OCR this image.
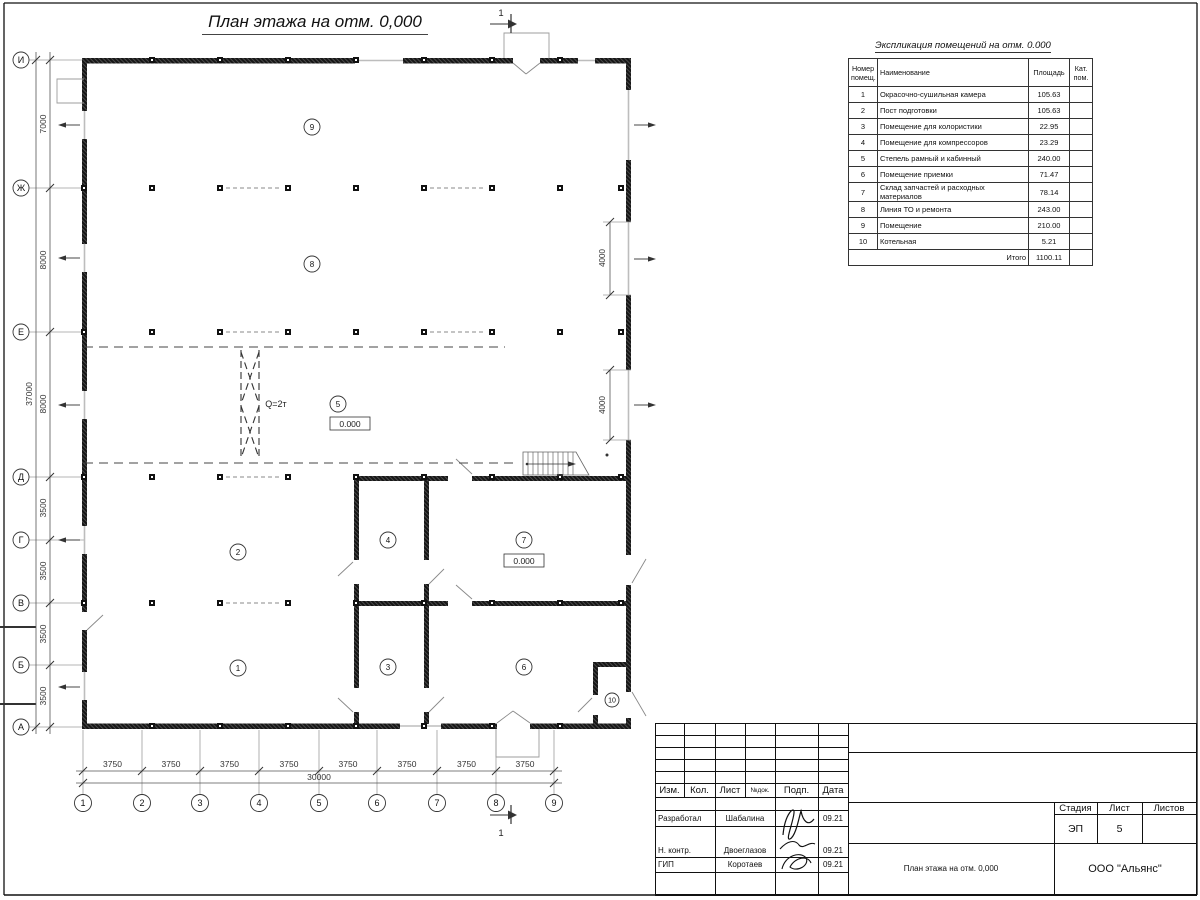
7000
8000
8000
3500
3500
3500
3500
3750	3750	3750	3750	3750	3750	3750	3750
И
Ж
Е
Д
Г
В
Б
А
1	2	3	4	5	6	7	8	9
4000
4000
1
2
3
4
5
6
7
8
9
10
Q=2т
0.000
0.000
1
1
37000
30000
План этажа на отм. 0,000
Экспликация помещений на отм. 0.000
Номер помещ.	Наименование	Площадь	Кат. пом.
1	Окрасочно-сушильная камера	105.63	
2	Пост подготовки	105.63	
3	Помещение для колористики	22.95	
4	Помещение для компрессоров	23.29	
5	Степель рамный и кабинный	240.00	
6	Помещение приемки	71.47	
7	Склад запчастей и расходных материалов	78.14	
8	Линия ТО и ремонта	243.00	
9	Помещение	210.00	
10	Котельная	5.21	
Итого		1100.11	
Изм.	Кол.	Лист	№док.	Подп.	Дата
Разработал	Шабалина	09.21
Н. контр.	Двоеглазов	09.21
ГИП	Коротаев	09.21
Стадия	Лист	Листов
ЭП	5
План этажа на отм. 0,000	ООО "Альянс"
